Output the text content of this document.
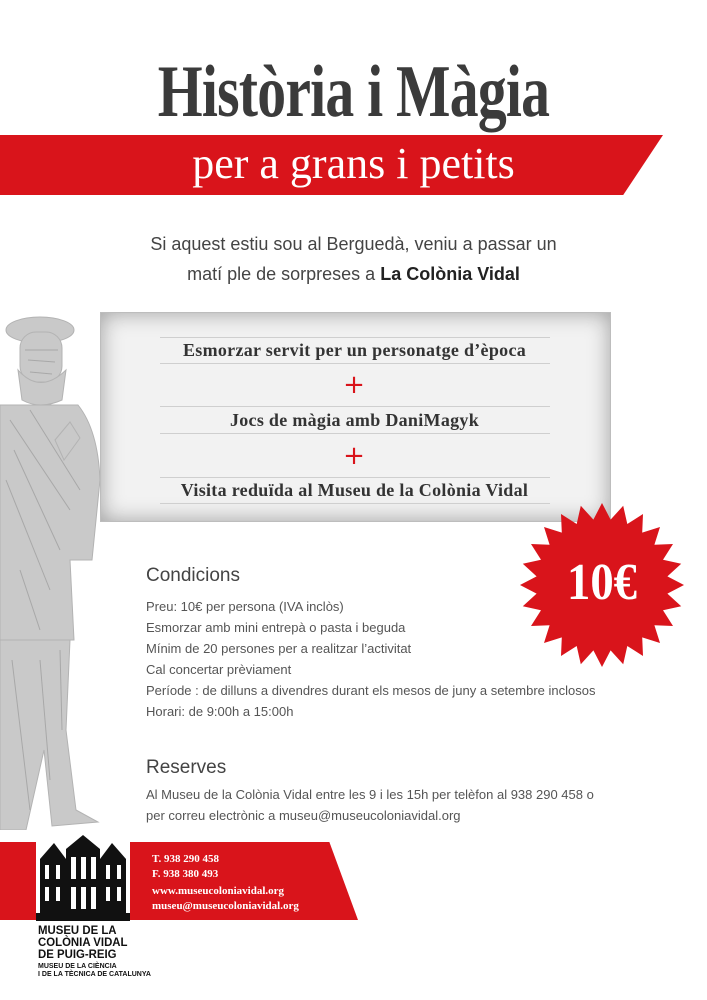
Història i Màgia
per a grans i petits
Si aquest estiu sou al Berguedà, veniu a passar un
matí ple de sorpreses a La Colònia Vidal
Esmorzar servit per un personatge d’època
+
Jocs de màgia amb DaniMagyk
+
Visita reduïda al Museu de la Colònia Vidal
10€
Condicions
Preu: 10€ per persona (IVA inclòs)
Esmorzar amb mini entrepà o pasta i beguda
Mínim de 20 persones per a realitzar l’activitat
Cal concertar prèviament
Període : de dilluns a divendres durant els mesos de juny a setembre inclosos
Horari: de 9:00h a 15:00h
Reserves
Al Museu de la Colònia Vidal entre les 9 i les 15h per telèfon al 938 290 458 o
per correu electrònic a museu@museucoloniavidal.org
T. 938 290 458
F. 938 380 493
www.museucoloniavidal.org
museu@museucoloniavidal.org
MUSEU DE LA
COLÒNIA VIDAL
DE PUIG-REIG
MUSEU DE LA CIÈNCIA
I DE LA TÈCNICA DE CATALUNYA
